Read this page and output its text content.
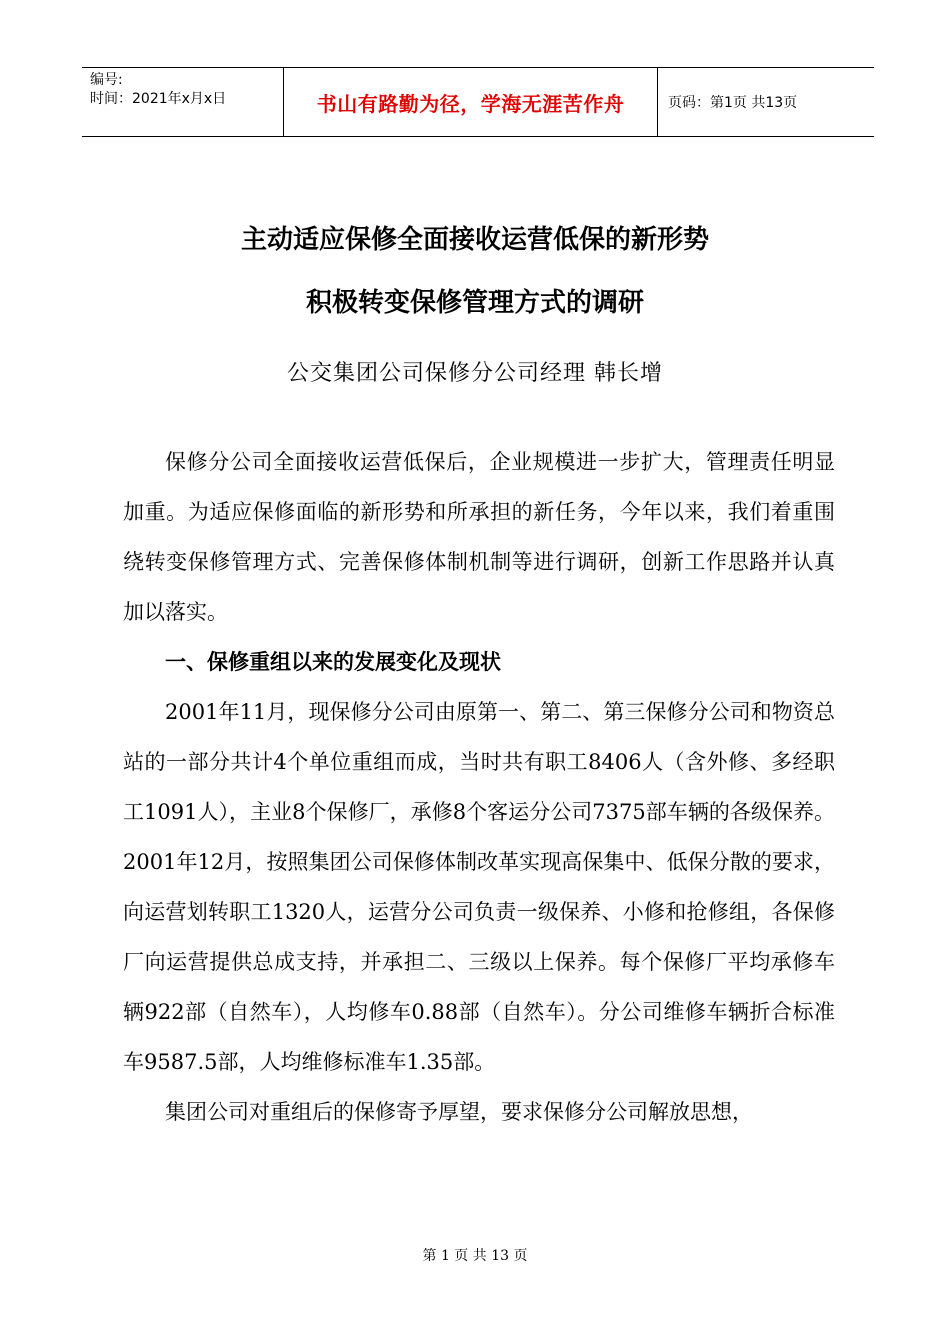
编号:
时间：2021年x月x日	书山有路勤为径，学海无涯苦作舟	页码：第1页 共13页
主动适应保修全面接收运营低保的新形势
积极转变保修管理方式的调研
公交集团公司保修分公司经理 韩长增

保修分公司全面接收运营低保后，企业规模进一步扩大，管理责任明显加重。为适应保修面临的新形势和所承担的新任务，今年以来，我们着重围绕转变保修管理方式、完善保修体制机制等进行调研，创新工作思路并认真加以落实。

一、保修重组以来的发展变化及现状

2001年11月，现保修分公司由原第一、第二、第三保修分公司和物资总站的一部分共计4个单位重组而成，当时共有职工8406人（含外修、多经职工1091人），主业8个保修厂，承修8个客运分公司7375部车辆的各级保养。2001年12月，按照集团公司保修体制改革实现高保集中、低保分散的要求，向运营划转职工1320人，运营分公司负责一级保养、小修和抢修组，各保修厂向运营提供总成支持，并承担二、三级以上保养。每个保修厂平均承修车辆922部（自然车），人均修车0.88部（自然车）。分公司维修车辆折合标准车9587.5部，人均维修标准车1.35部。

集团公司对重组后的保修寄予厚望，要求保修分公司解放思想，

第 1 页 共 13 页
